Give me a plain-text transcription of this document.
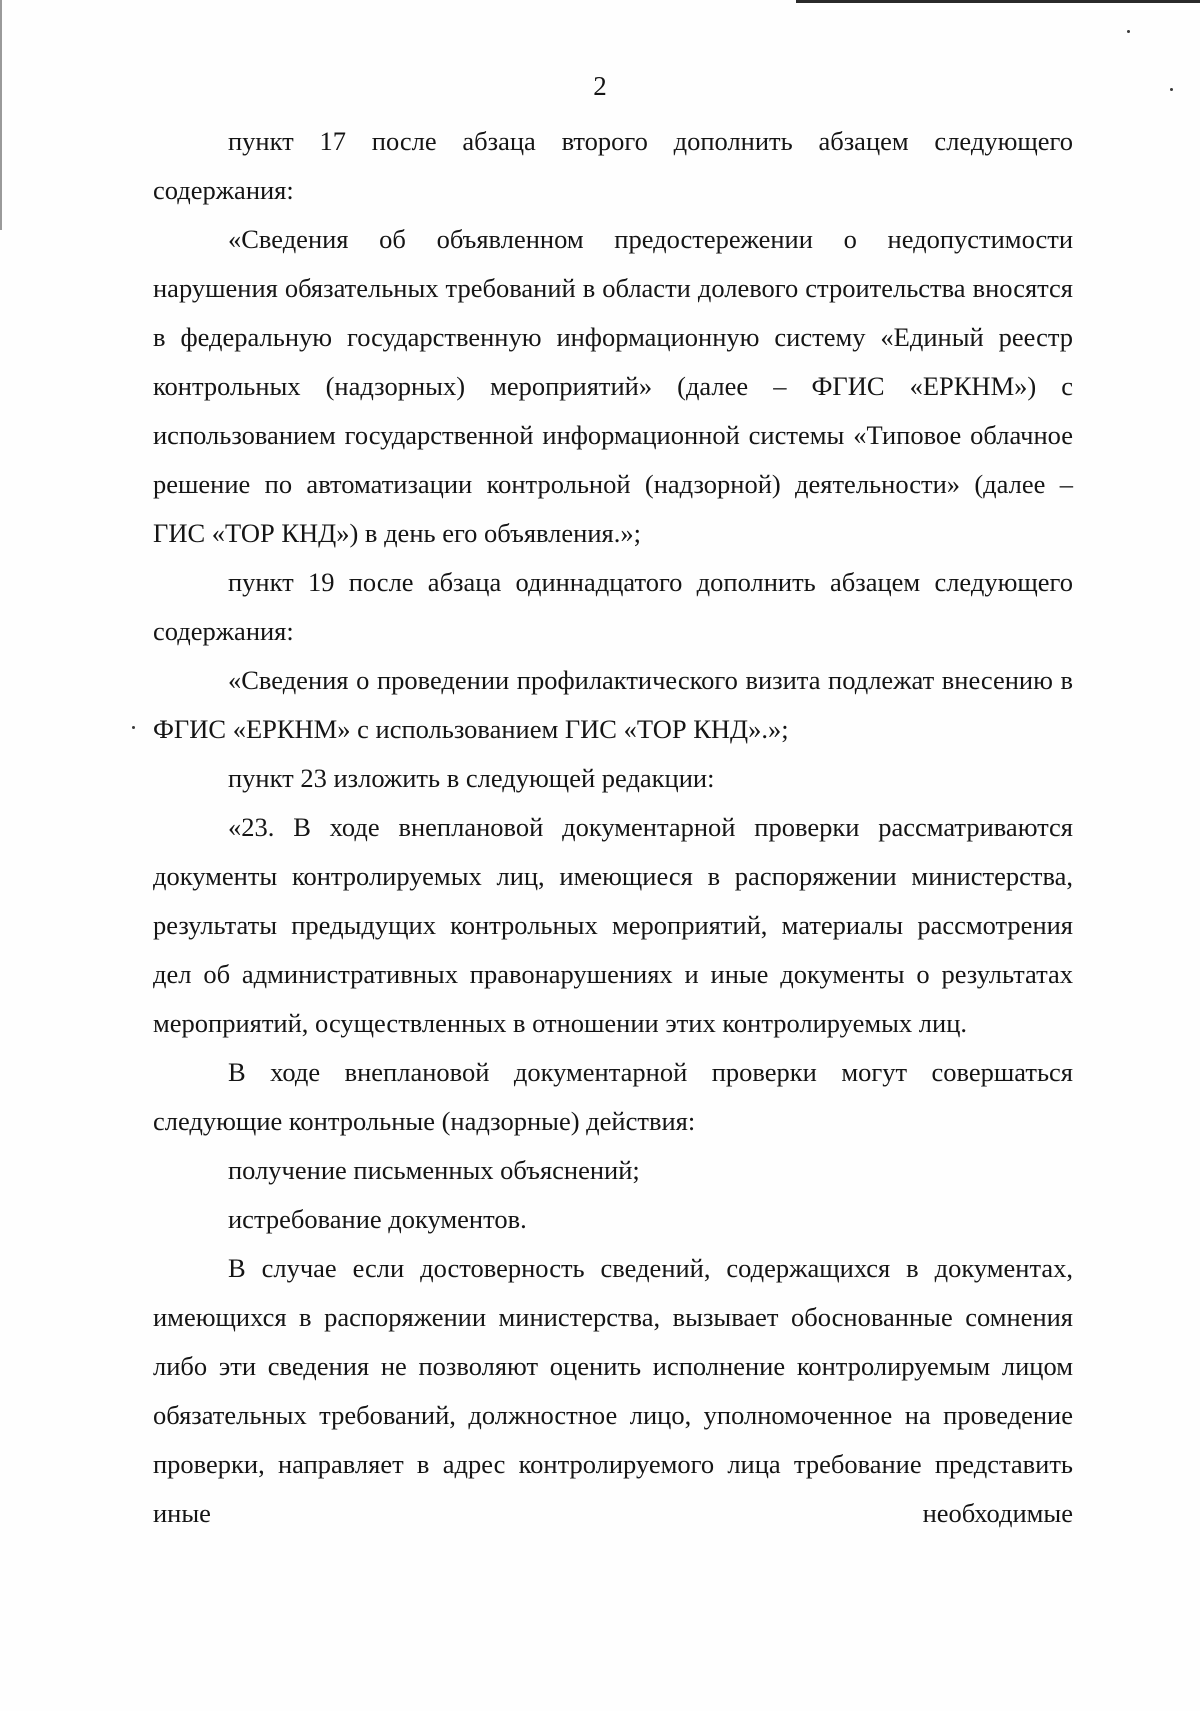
2

пункт 17 после абзаца второго дополнить абзацем следующего содержания:

«Сведения об объявленном предостережении о недопустимости нарушения обязательных требований в области долевого строительства вносятся в федеральную государственную информационную систему «Единый реестр контрольных (надзорных) мероприятий» (далее – ФГИС «ЕРКНМ») с использованием государственной информационной системы «Типовое облачное решение по автоматизации контрольной (надзорной) деятельности» (далее – ГИС «ТОР КНД») в день его объявления.»;

пункт 19 после абзаца одиннадцатого дополнить абзацем следующего содержания:

«Сведения о проведении профилактического визита подлежат внесению в ФГИС «ЕРКНМ» с использованием ГИС «ТОР КНД».»;

пункт 23 изложить в следующей редакции:

«23. В ходе внеплановой документарной проверки рассматриваются документы контролируемых лиц, имеющиеся в распоряжении министерства, результаты предыдущих контрольных мероприятий, материалы рассмотрения дел об административных правонарушениях и иные документы о результатах мероприятий, осуществленных в отношении этих контролируемых лиц.

В ходе внеплановой документарной проверки могут совершаться следующие контрольные (надзорные) действия:

получение письменных объяснений;

истребование документов.

В случае если достоверность сведений, содержащихся в документах, имеющихся в распоряжении министерства, вызывает обоснованные сомнения либо эти сведения не позволяют оценить исполнение контролируемым лицом обязательных требований, должностное лицо, уполномоченное на проведение проверки, направляет в адрес контролируемого лица требование представить иные необходимые
